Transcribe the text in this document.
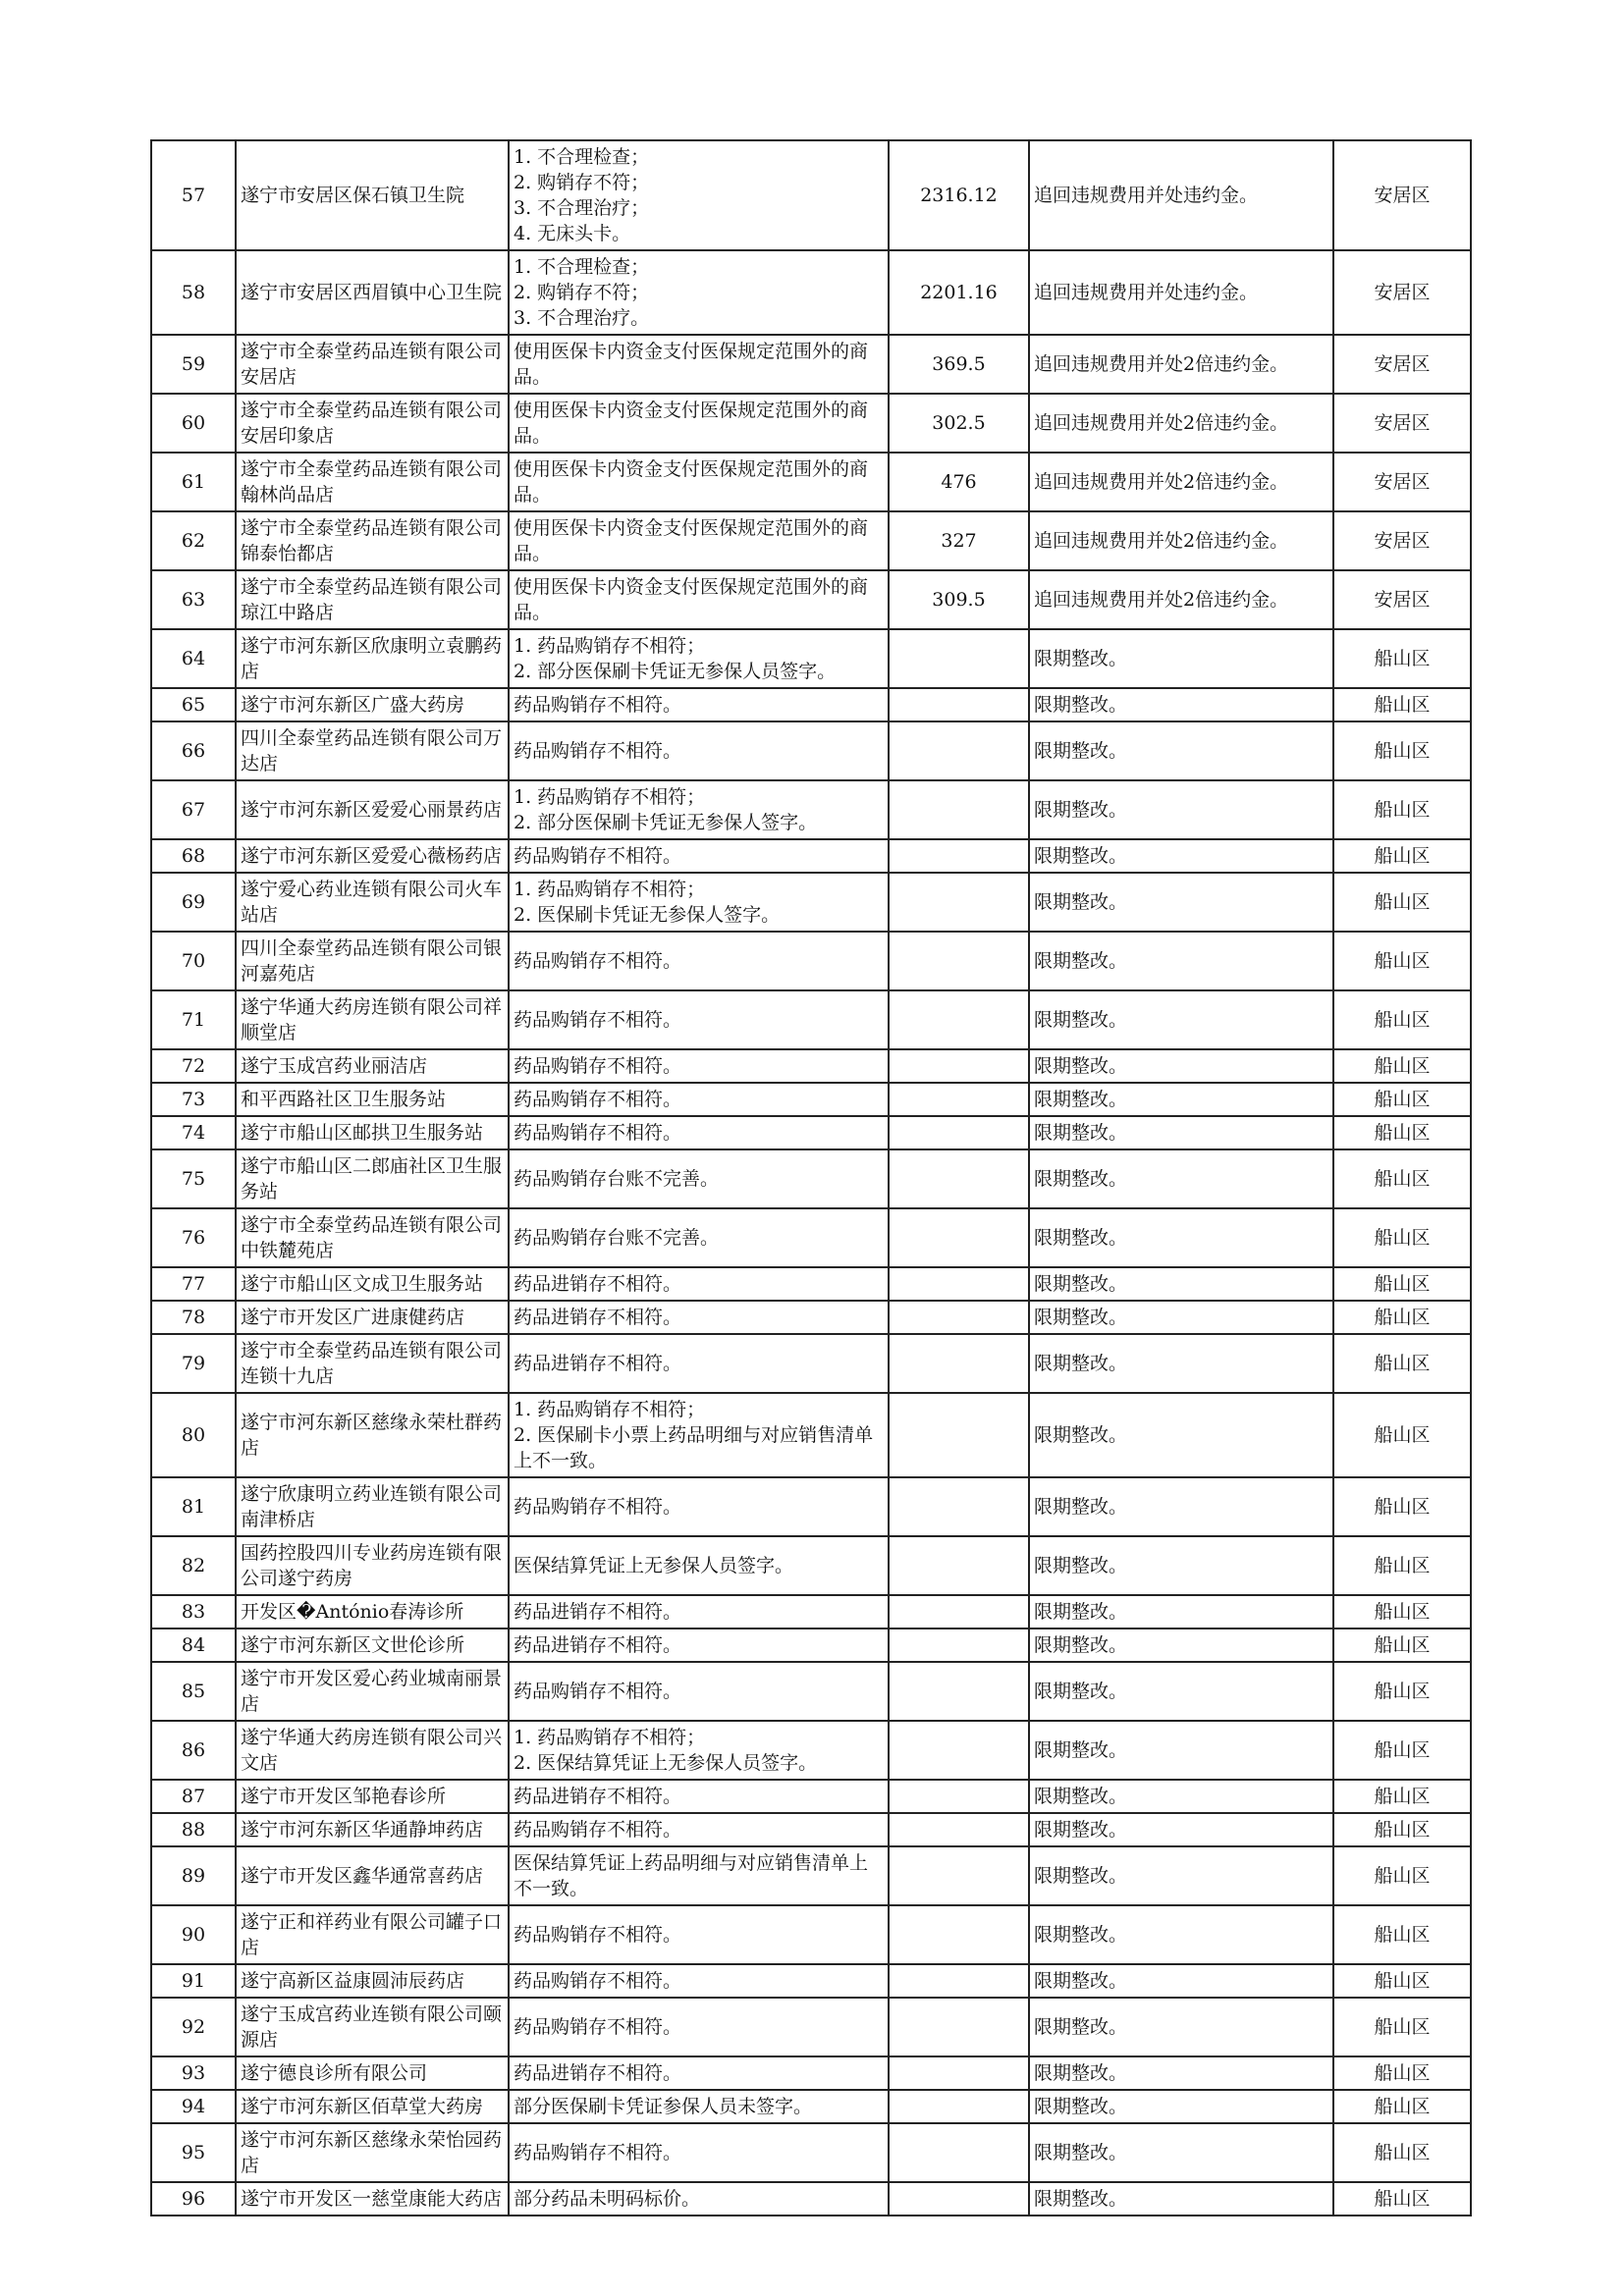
57	遂宁市安居区保石镇卫生院	1. 不合理检查；
2. 购销存不符；
3. 不合理治疗；
4. 无床头卡。	2316.12	追回违规费用并处违约金。	安居区
58	遂宁市安居区西眉镇中心卫生院	1. 不合理检查；
2. 购销存不符；
3. 不合理治疗。	2201.16	追回违规费用并处违约金。	安居区
59	遂宁市全泰堂药品连锁有限公司安居店	使用医保卡内资金支付医保规定范围外的商品。	369.5	追回违规费用并处2倍违约金。	安居区
60	遂宁市全泰堂药品连锁有限公司安居印象店	使用医保卡内资金支付医保规定范围外的商品。	302.5	追回违规费用并处2倍违约金。	安居区
61	遂宁市全泰堂药品连锁有限公司翰林尚品店	使用医保卡内资金支付医保规定范围外的商品。	476	追回违规费用并处2倍违约金。	安居区
62	遂宁市全泰堂药品连锁有限公司锦泰怡都店	使用医保卡内资金支付医保规定范围外的商品。	327	追回违规费用并处2倍违约金。	安居区
63	遂宁市全泰堂药品连锁有限公司琼江中路店	使用医保卡内资金支付医保规定范围外的商品。	309.5	追回违规费用并处2倍违约金。	安居区
64	遂宁市河东新区欣康明立袁鹏药店	1. 药品购销存不相符；
2. 部分医保刷卡凭证无参保人员签字。		限期整改。	船山区
65	遂宁市河东新区广盛大药房	药品购销存不相符。		限期整改。	船山区
66	四川全泰堂药品连锁有限公司万达店	药品购销存不相符。		限期整改。	船山区
67	遂宁市河东新区爱爱心丽景药店	1. 药品购销存不相符；
2. 部分医保刷卡凭证无参保人签字。		限期整改。	船山区
68	遂宁市河东新区爱爱心薇杨药店	药品购销存不相符。		限期整改。	船山区
69	遂宁爱心药业连锁有限公司火车站店	1. 药品购销存不相符；
2. 医保刷卡凭证无参保人签字。		限期整改。	船山区
70	四川全泰堂药品连锁有限公司银河嘉苑店	药品购销存不相符。		限期整改。	船山区
71	遂宁华通大药房连锁有限公司祥顺堂店	药品购销存不相符。		限期整改。	船山区
72	遂宁玉成宫药业丽洁店	药品购销存不相符。		限期整改。	船山区
73	和平西路社区卫生服务站	药品购销存不相符。		限期整改。	船山区
74	遂宁市船山区邮拱卫生服务站	药品购销存不相符。		限期整改。	船山区
75	遂宁市船山区二郎庙社区卫生服务站	药品购销存台账不完善。		限期整改。	船山区
76	遂宁市全泰堂药品连锁有限公司中铁麓苑店	药品购销存台账不完善。		限期整改。	船山区
77	遂宁市船山区文成卫生服务站	药品进销存不相符。		限期整改。	船山区
78	遂宁市开发区广进康健药店	药品进销存不相符。		限期整改。	船山区
79	遂宁市全泰堂药品连锁有限公司连锁十九店	药品进销存不相符。		限期整改。	船山区
80	遂宁市河东新区慈缘永荣杜群药店	1. 药品购销存不相符；
2. 医保刷卡小票上药品明细与对应销售清单上不一致。		限期整改。	船山区
81	遂宁欣康明立药业连锁有限公司南津桥店	药品购销存不相符。		限期整改。	船山区
82	国药控股四川专业药房连锁有限公司遂宁药房	医保结算凭证上无参保人员签字。		限期整改。	船山区
83	开发区�António春涛诊所	药品进销存不相符。		限期整改。	船山区
84	遂宁市河东新区文世伦诊所	药品进销存不相符。		限期整改。	船山区
85	遂宁市开发区爱心药业城南丽景店	药品购销存不相符。		限期整改。	船山区
86	遂宁华通大药房连锁有限公司兴文店	1. 药品购销存不相符；
2. 医保结算凭证上无参保人员签字。		限期整改。	船山区
87	遂宁市开发区邹艳春诊所	药品进销存不相符。		限期整改。	船山区
88	遂宁市河东新区华通静坤药店	药品购销存不相符。		限期整改。	船山区
89	遂宁市开发区鑫华通常喜药店	医保结算凭证上药品明细与对应销售清单上不一致。		限期整改。	船山区
90	遂宁正和祥药业有限公司罐子口店	药品购销存不相符。		限期整改。	船山区
91	遂宁高新区益康圆沛辰药店	药品购销存不相符。		限期整改。	船山区
92	遂宁玉成宫药业连锁有限公司颐源店	药品购销存不相符。		限期整改。	船山区
93	遂宁德良诊所有限公司	药品进销存不相符。		限期整改。	船山区
94	遂宁市河东新区佰草堂大药房	部分医保刷卡凭证参保人员未签字。		限期整改。	船山区
95	遂宁市河东新区慈缘永荣怡园药店	药品购销存不相符。		限期整改。	船山区
96	遂宁市开发区一慈堂康能大药店	部分药品未明码标价。		限期整改。	船山区
